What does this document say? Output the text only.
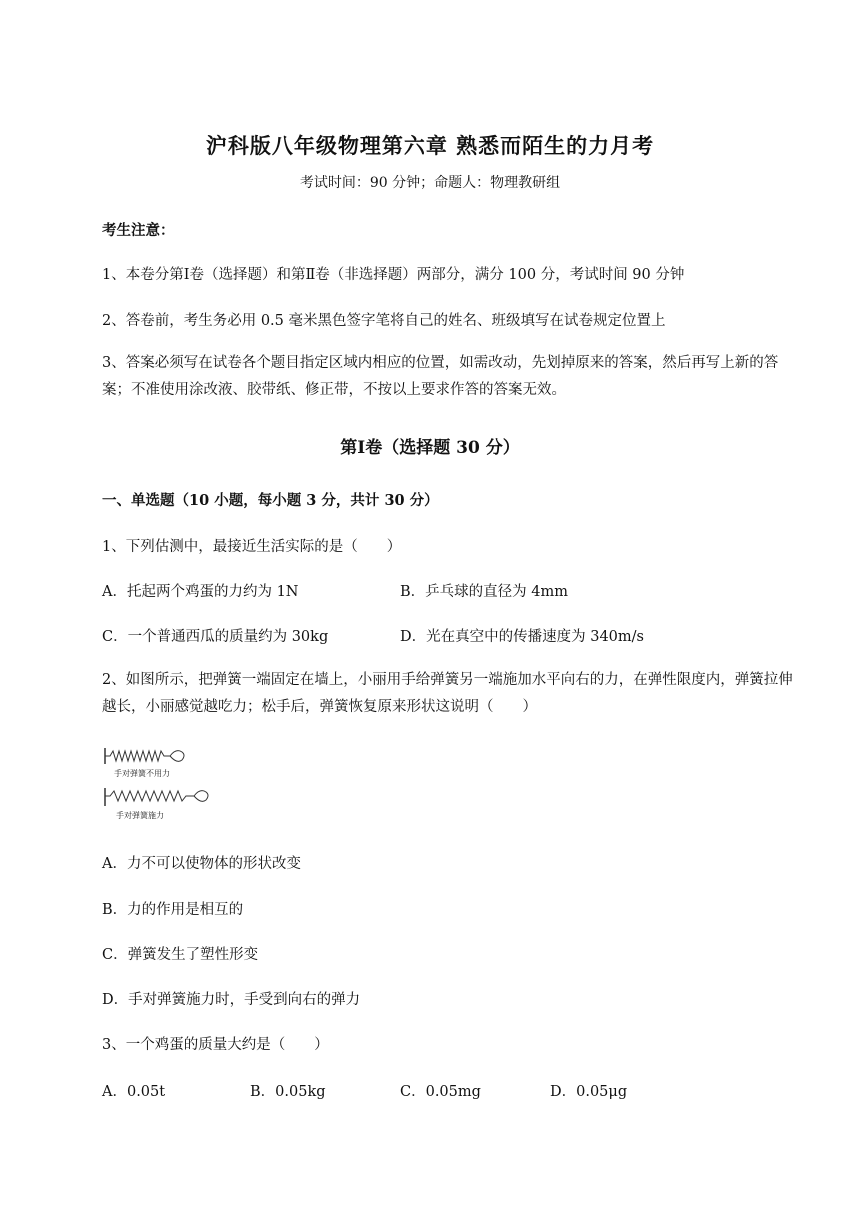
沪科版八年级物理第六章 熟悉而陌生的力月考
考试时间：90 分钟；命题人：物理教研组
考生注意：
1、本卷分第Ⅰ卷（选择题）和第Ⅱ卷（非选择题）两部分，满分 100 分，考试时间 90 分钟
2、答卷前，考生务必用 0.5 毫米黑色签字笔将自己的姓名、班级填写在试卷规定位置上
3、答案必须写在试卷各个题目指定区域内相应的位置，如需改动，先划掉原来的答案，然后再写上新的答案；不准使用涂改液、胶带纸、修正带，不按以上要求作答的答案无效。
第Ⅰ卷（选择题 30 分）
一、单选题（10 小题，每小题 3 分，共计 30 分）
1、下列估测中，最接近生活实际的是（　　）
A．托起两个鸡蛋的力约为 1N	B．乒乓球的直径为 4mm
C．一个普通西瓜的质量约为 30kg	D．光在真空中的传播速度为 340m/s
2、如图所示，把弹簧一端固定在墙上，小丽用手给弹簧另一端施加水平向右的力，在弹性限度内，弹簧拉伸越长，小丽感觉越吃力；松手后，弹簧恢复原来形状这说明（　　）
手对弹簧不用力
手对弹簧施力
A．力不可以使物体的形状改变
B．力的作用是相互的
C．弹簧发生了塑性形变
D．手对弹簧施力时，手受到向右的弹力
3、一个鸡蛋的质量大约是（　　）
A．0.05t	B．0.05kg	C．0.05mg	D．0.05μg
